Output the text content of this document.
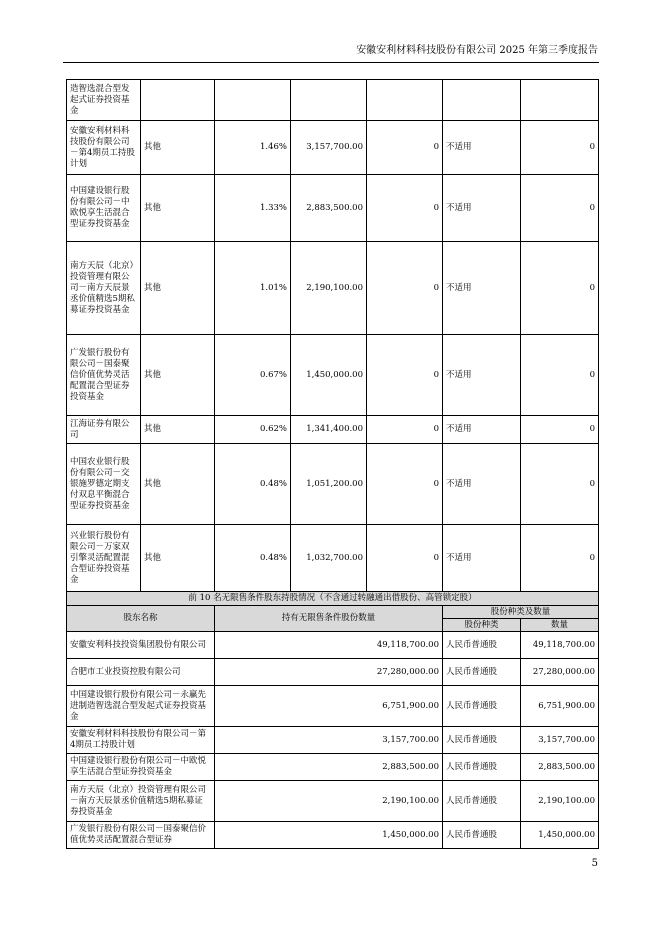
安徽安利材料科技股份有限公司 2025 年第三季度报告
造智选混合型发起式证券投资基金						
安徽安利材料科技股份有限公司－第4期员工持股计划	其他	1.46%	3,157,700.00	0	不适用	0
中国建设银行股份有限公司－中欧悦享生活混合型证券投资基金	其他	1.33%	2,883,500.00	0	不适用	0
南方天辰（北京）投资管理有限公司－南方天辰景丞价值精选5期私募证券投资基金	其他	1.01%	2,190,100.00	0	不适用	0
广发银行股份有限公司－国泰聚信价值优势灵活配置混合型证券投资基金	其他	0.67%	1,450,000.00	0	不适用	0
江海证券有限公司	其他	0.62%	1,341,400.00	0	不适用	0
中国农业银行股份有限公司－交银施罗德定期支付双息平衡混合型证券投资基金	其他	0.48%	1,051,200.00	0	不适用	0
兴业银行股份有限公司－万家双引擎灵活配置混合型证券投资基金	其他	0.48%	1,032,700.00	0	不适用	0
前 10 名无限售条件股东持股情况（不含通过转融通出借股份、高管锁定股）						
股东名称		持有无限售条件股份数量			股份种类及数量	
					股份种类	数量
安徽安利科技投资集团股份有限公司		49,118,700.00			人民币普通股	49,118,700.00
合肥市工业投资控股有限公司		27,280,000.00			人民币普通股	27,280,000.00
中国建设银行股份有限公司－永赢先进制造智选混合型发起式证券投资基金		6,751,900.00			人民币普通股	6,751,900.00
安徽安利材料科技股份有限公司－第4期员工持股计划		3,157,700.00			人民币普通股	3,157,700.00
中国建设银行股份有限公司－中欧悦享生活混合型证券投资基金		2,883,500.00			人民币普通股	2,883,500.00
南方天辰（北京）投资管理有限公司－南方天辰景丞价值精选5期私募证券投资基金		2,190,100.00			人民币普通股	2,190,100.00
广发银行股份有限公司－国泰聚信价值优势灵活配置混合型证券		1,450,000.00			人民币普通股	1,450,000.00
5
